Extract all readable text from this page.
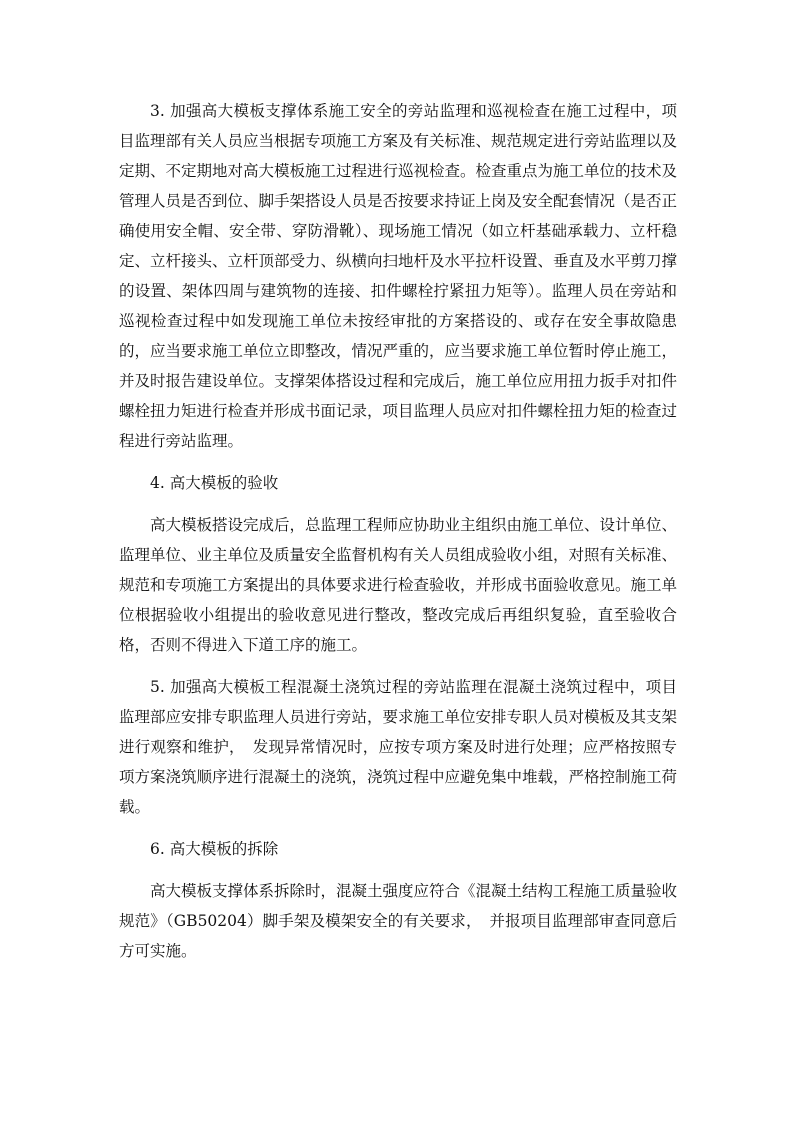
3. 加强高大模板支撑体系施工安全的旁站监理和巡视检查在施工过程中，项目监理部有关人员应当根据专项施工方案及有关标准、规范规定进行旁站监理以及定期、不定期地对高大模板施工过程进行巡视检查。检查重点为施工单位的技术及管理人员是否到位、脚手架搭设人员是否按要求持证上岗及安全配套情况（是否正确使用安全帽、安全带、穿防滑靴）、现场施工情况（如立杆基础承载力、立杆稳定、立杆接头、立杆顶部受力、纵横向扫地杆及水平拉杆设置、垂直及水平剪刀撑的设置、架体四周与建筑物的连接、扣件螺栓拧紧扭力矩等）。监理人员在旁站和巡视检查过程中如发现施工单位未按经审批的方案搭设的、或存在安全事故隐患的，应当要求施工单位立即整改，情况严重的，应当要求施工单位暂时停止施工，并及时报告建设单位。支撑架体搭设过程和完成后，施工单位应用扭力扳手对扣件螺栓扭力矩进行检查并形成书面记录，项目监理人员应对扣件螺栓扭力矩的检查过程进行旁站监理。

4. 高大模板的验收

高大模板搭设完成后，总监理工程师应协助业主组织由施工单位、设计单位、监理单位、业主单位及质量安全监督机构有关人员组成验收小组，对照有关标准、规范和专项施工方案提出的具体要求进行检查验收，并形成书面验收意见。施工单位根据验收小组提出的验收意见进行整改，整改完成后再组织复验，直至验收合格，否则不得进入下道工序的施工。

5. 加强高大模板工程混凝土浇筑过程的旁站监理在混凝土浇筑过程中，项目监理部应安排专职监理人员进行旁站，要求施工单位安排专职人员对模板及其支架进行观察和维护，　发现异常情况时，应按专项方案及时进行处理；应严格按照专项方案浇筑顺序进行混凝土的浇筑，浇筑过程中应避免集中堆载，严格控制施工荷载。

6. 高大模板的拆除

高大模板支撑体系拆除时，混凝土强度应符合《混凝土结构工程施工质量验收规范》（GB50204）脚手架及模架安全的有关要求，　并报项目监理部审查同意后方可实施。
